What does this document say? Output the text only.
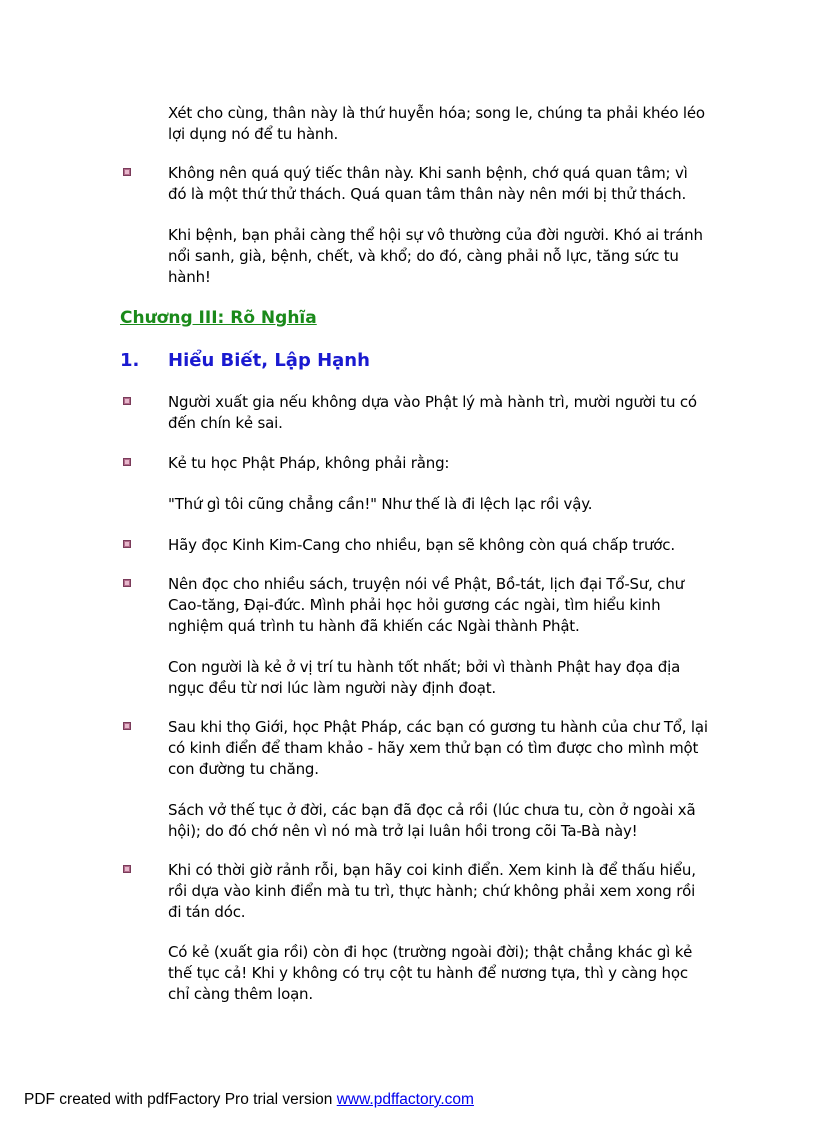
Xét cho cùng, thân này là thứ huyễn hóa; song le, chúng ta phải khéo léo lợi dụng nó để tu hành.
Không nên quá quý tiếc thân này. Khi sanh bệnh, chớ quá quan tâm; vì đó là một thứ thử thách. Quá quan tâm thân này nên mới bị thử thách.
Khi bệnh, bạn phải càng thể hội sự vô thường của đời người. Khó ai tránh nổi sanh, già, bệnh, chết, và khổ; do đó, càng phải nỗ lực, tăng sức tu hành!
Chương III: Rõ Nghĩa
1. Hiểu Biết, Lập Hạnh
Người xuất gia nếu không dựa vào Phật lý mà hành trì, mười người tu có đến chín kẻ sai.
Kẻ tu học Phật Pháp, không phải rằng:
"Thứ gì tôi cũng chẳng cần!" Như thế là đi lệch lạc rồi vậy.
Hãy đọc Kinh Kim-Cang cho nhiều, bạn sẽ không còn quá chấp trước.
Nên đọc cho nhiều sách, truyện nói về Phật, Bồ-tát, lịch đại Tổ-Sư, chư Cao-tăng, Đại-đức. Mình phải học hỏi gương các ngài, tìm hiểu kinh nghiệm quá trình tu hành đã khiến các Ngài thành Phật.
Con người là kẻ ở vị trí tu hành tốt nhất; bởi vì thành Phật hay đọa địa ngục đều từ nơi lúc làm người này định đoạt.
Sau khi thọ Giới, học Phật Pháp, các bạn có gương tu hành của chư Tổ, lại có kinh điển để tham khảo - hãy xem thử bạn có tìm được cho mình một con đường tu chăng.
Sách vở thế tục ở đời, các bạn đã đọc cả rồi (lúc chưa tu, còn ở ngoài xã hội); do đó chớ nên vì nó mà trở lại luân hồi trong cõi Ta-Bà này!
Khi có thời giờ rảnh rỗi, bạn hãy coi kinh điển. Xem kinh là để thấu hiểu, rồi dựa vào kinh điển mà tu trì, thực hành; chứ không phải xem xong rồi đi tán dóc.
Có kẻ (xuất gia rồi) còn đi học (trường ngoài đời); thật chẳng khác gì kẻ thế tục cả! Khi y không có trụ cột tu hành để nương tựa, thì y càng học chỉ càng thêm loạn.
PDF created with pdfFactory Pro trial version www.pdffactory.com
